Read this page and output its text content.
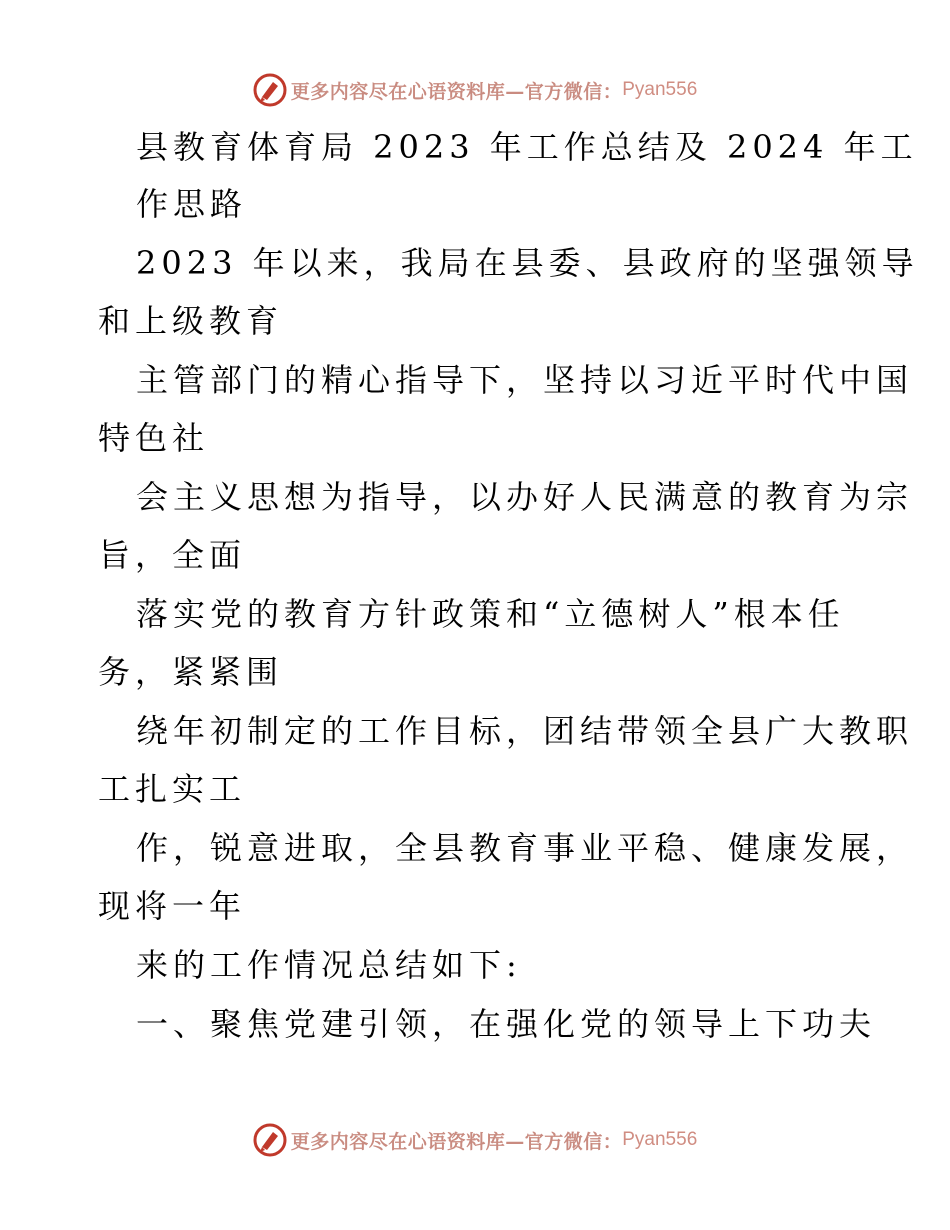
更多内容尽在心语资料库—官方微信： Pyan556
县教育体育局 2023 年工作总结及 2024 年工
作思路
2023 年以来，我局在县委、县政府的坚强领导
和上级教育
主管部门的精心指导下，坚持以习近平时代中国
特色社
会主义思想为指导，以办好人民满意的教育为宗
旨，全面
落实党的教育方针政策和“立德树人”根本任
务，紧紧围
绕年初制定的工作目标，团结带领全县广大教职
工扎实工
作，锐意进取，全县教育事业平稳、健康发展，
现将一年
来的工作情况总结如下:
一、聚焦党建引领，在强化党的领导上下功夫
更多内容尽在心语资料库—官方微信： Pyan556
